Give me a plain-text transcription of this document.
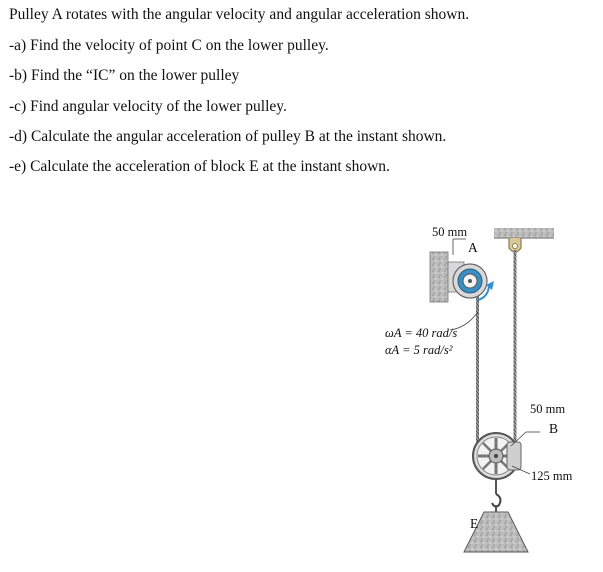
Pulley A rotates with the angular velocity and angular acceleration shown.
-a) Find the velocity of point C on the lower pulley.
-b) Find the “IC” on the lower pulley
-c) Find angular velocity of the lower pulley.
-d) Calculate the angular acceleration of pulley B at the instant shown.
-e) Calculate the acceleration of block E at the instant shown.
50 mm
A
ωA = 40 rad/s
αA = 5 rad/s²
50 mm
B
125 mm
E
